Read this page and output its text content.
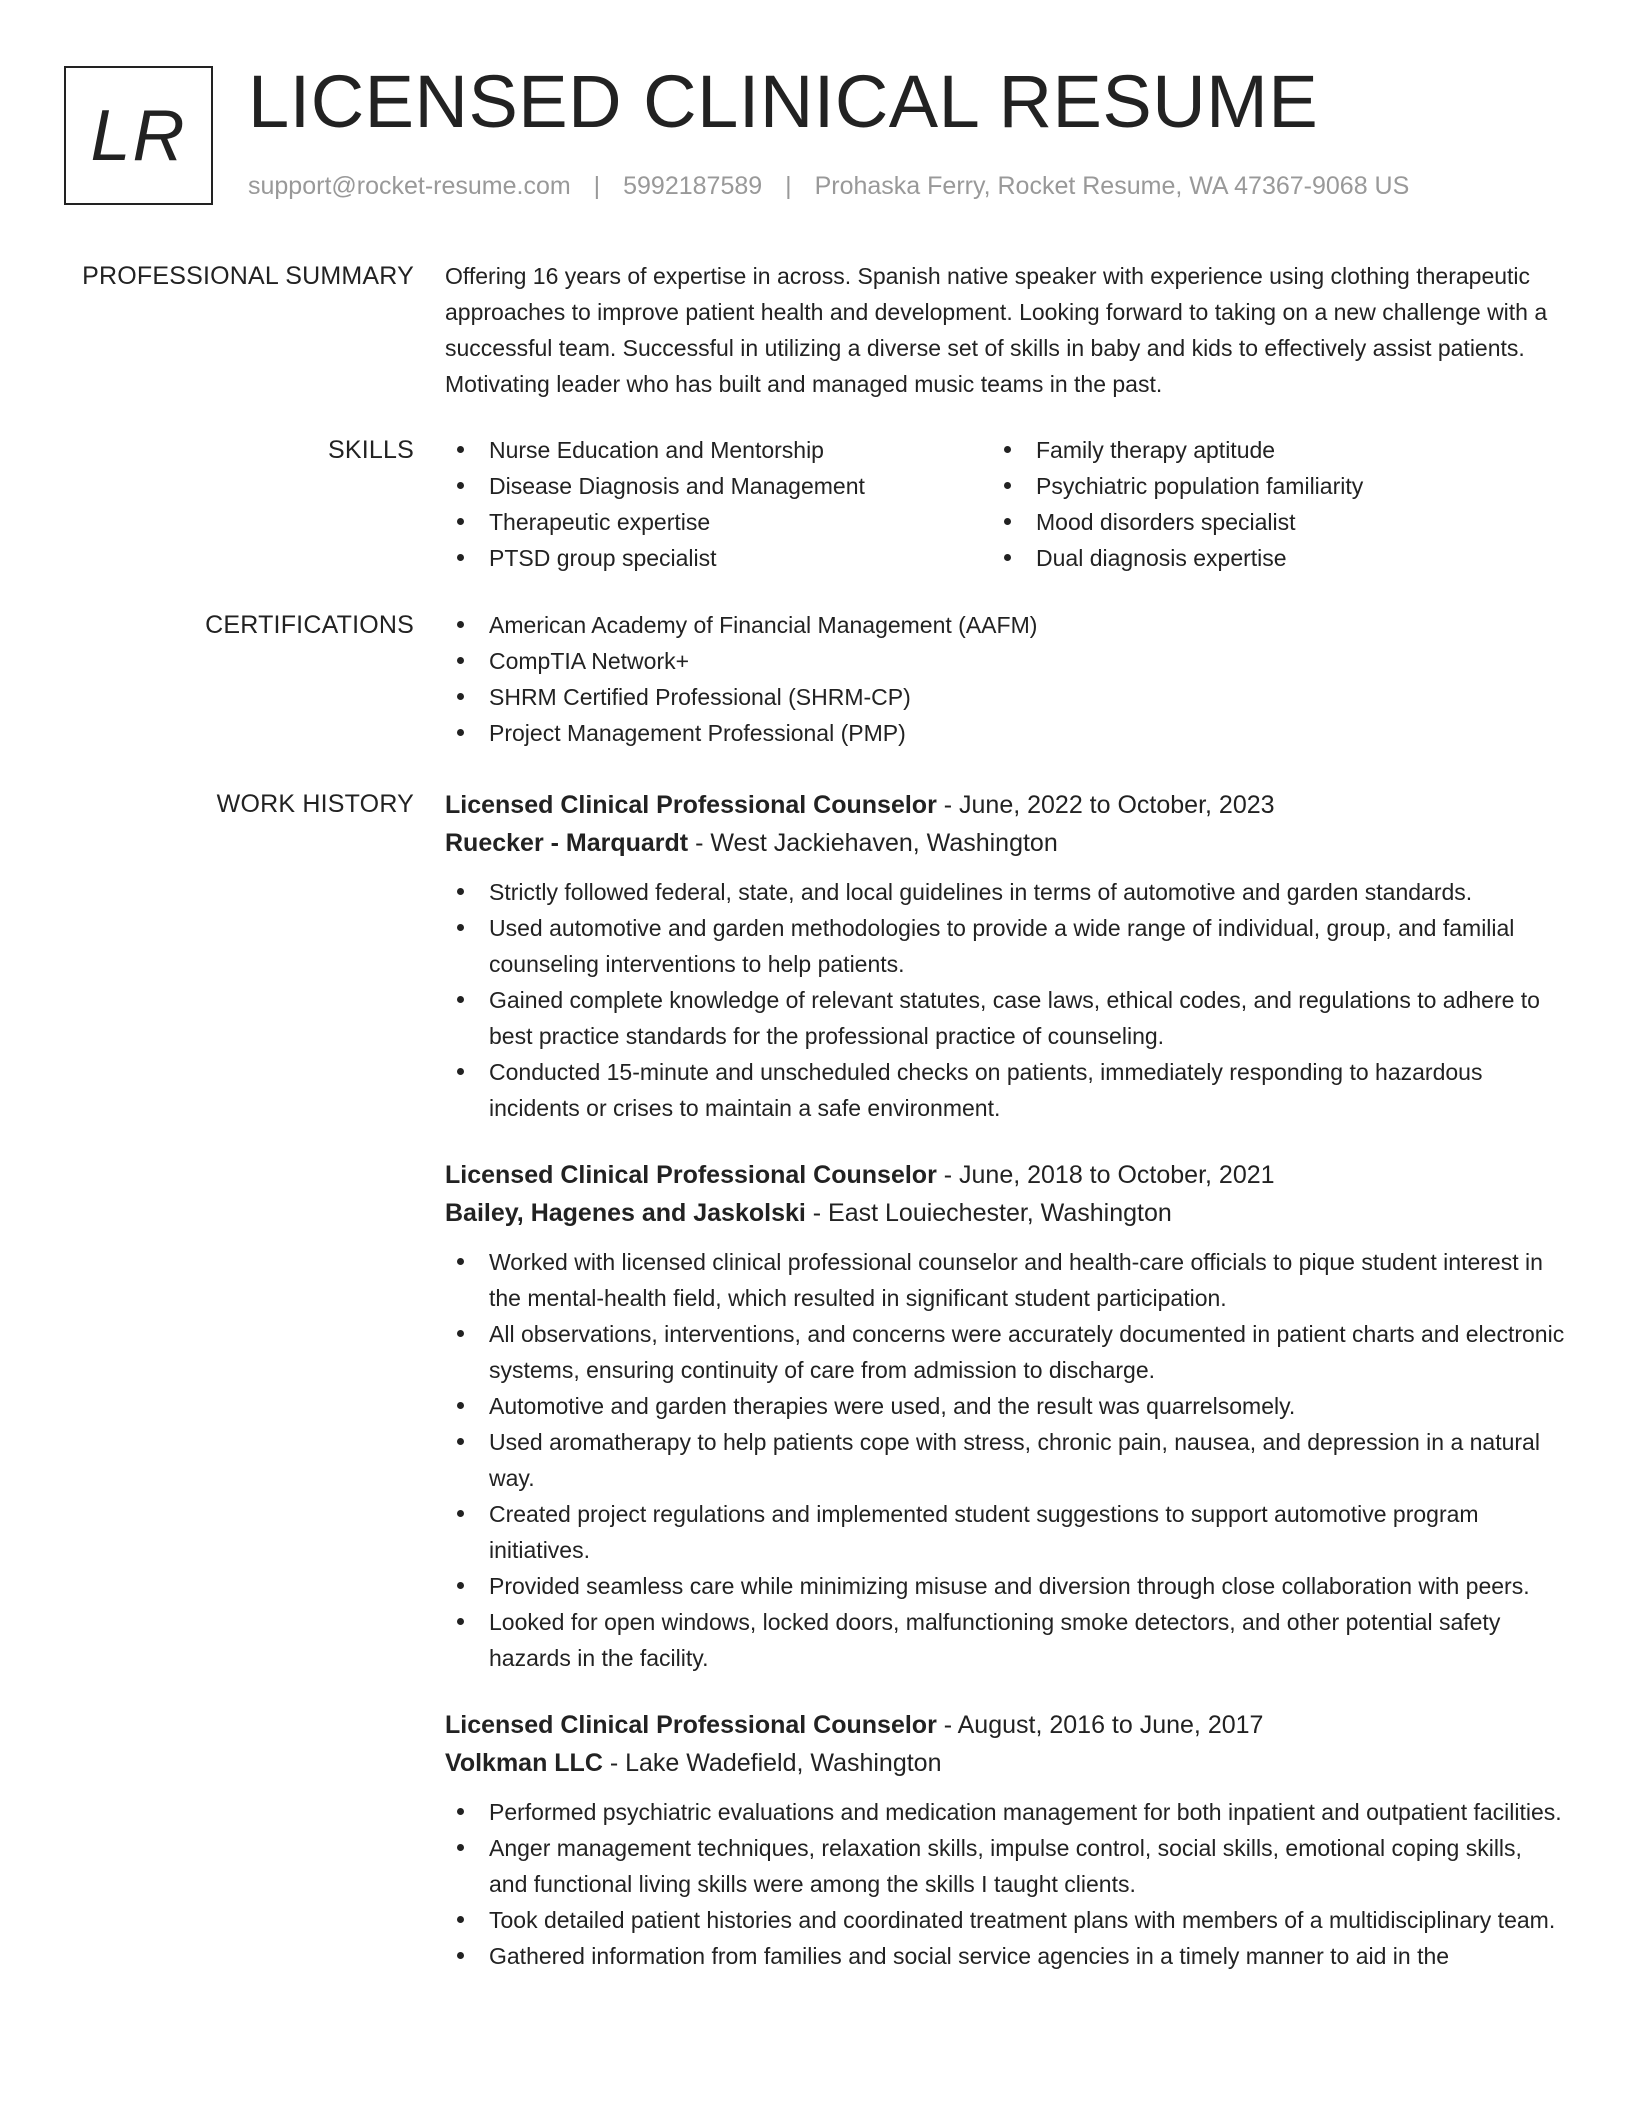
LR LICENSED CLINICAL RESUME
support@rocket-resume.com | 5992187589 | Prohaska Ferry, Rocket Resume, WA 47367-9068 US
PROFESSIONAL SUMMARY Offering 16 years of expertise in across. Spanish native speaker with experience using clothing therapeutic approaches to improve patient health and development. Looking forward to taking on a new challenge with a successful team. Successful in utilizing a diverse set of skills in baby and kids to effectively assist patients. Motivating leader who has built and managed music teams in the past.
SKILLS	Nurse Education and Mentorship
Disease Diagnosis and Management
Therapeutic expertise
PTSD group specialist
Family therapy aptitude
Psychiatric population familiarity
Mood disorders specialist
Dual diagnosis expertise
CERTIFICATIONS	American Academy of Financial Management (AAFM)
CompTIA Network+
SHRM Certified Professional (SHRM-CP)
Project Management Professional (PMP)
WORK HISTORY Licensed Clinical Professional Counselor - June, 2022 to October, 2023
Ruecker - Marquardt - West Jackiehaven, Washington
Strictly followed federal, state, and local guidelines in terms of automotive and garden standards.
Used automotive and garden methodologies to provide a wide range of individual, group, and familial counseling interventions to help patients.
Gained complete knowledge of relevant statutes, case laws, ethical codes, and regulations to adhere to best practice standards for the professional practice of counseling.
Conducted 15-minute and unscheduled checks on patients, immediately responding to hazardous incidents or crises to maintain a safe environment.
Licensed Clinical Professional Counselor - June, 2018 to October, 2021
Bailey, Hagenes and Jaskolski - East Louiechester, Washington
Worked with licensed clinical professional counselor and health-care officials to pique student interest in the mental-health field, which resulted in significant student participation.
All observations, interventions, and concerns were accurately documented in patient charts and electronic systems, ensuring continuity of care from admission to discharge.
Automotive and garden therapies were used, and the result was quarrelsomely.
Used aromatherapy to help patients cope with stress, chronic pain, nausea, and depression in a natural way.
Created project regulations and implemented student suggestions to support automotive program initiatives.
Provided seamless care while minimizing misuse and diversion through close collaboration with peers.
Looked for open windows, locked doors, malfunctioning smoke detectors, and other potential safety hazards in the facility.
Licensed Clinical Professional Counselor - August, 2016 to June, 2017
Volkman LLC - Lake Wadefield, Washington
Performed psychiatric evaluations and medication management for both inpatient and outpatient facilities.
Anger management techniques, relaxation skills, impulse control, social skills, emotional coping skills, and functional living skills were among the skills I taught clients.
Took detailed patient histories and coordinated treatment plans with members of a multidisciplinary team.
Gathered information from families and social service agencies in a timely manner to aid in the
